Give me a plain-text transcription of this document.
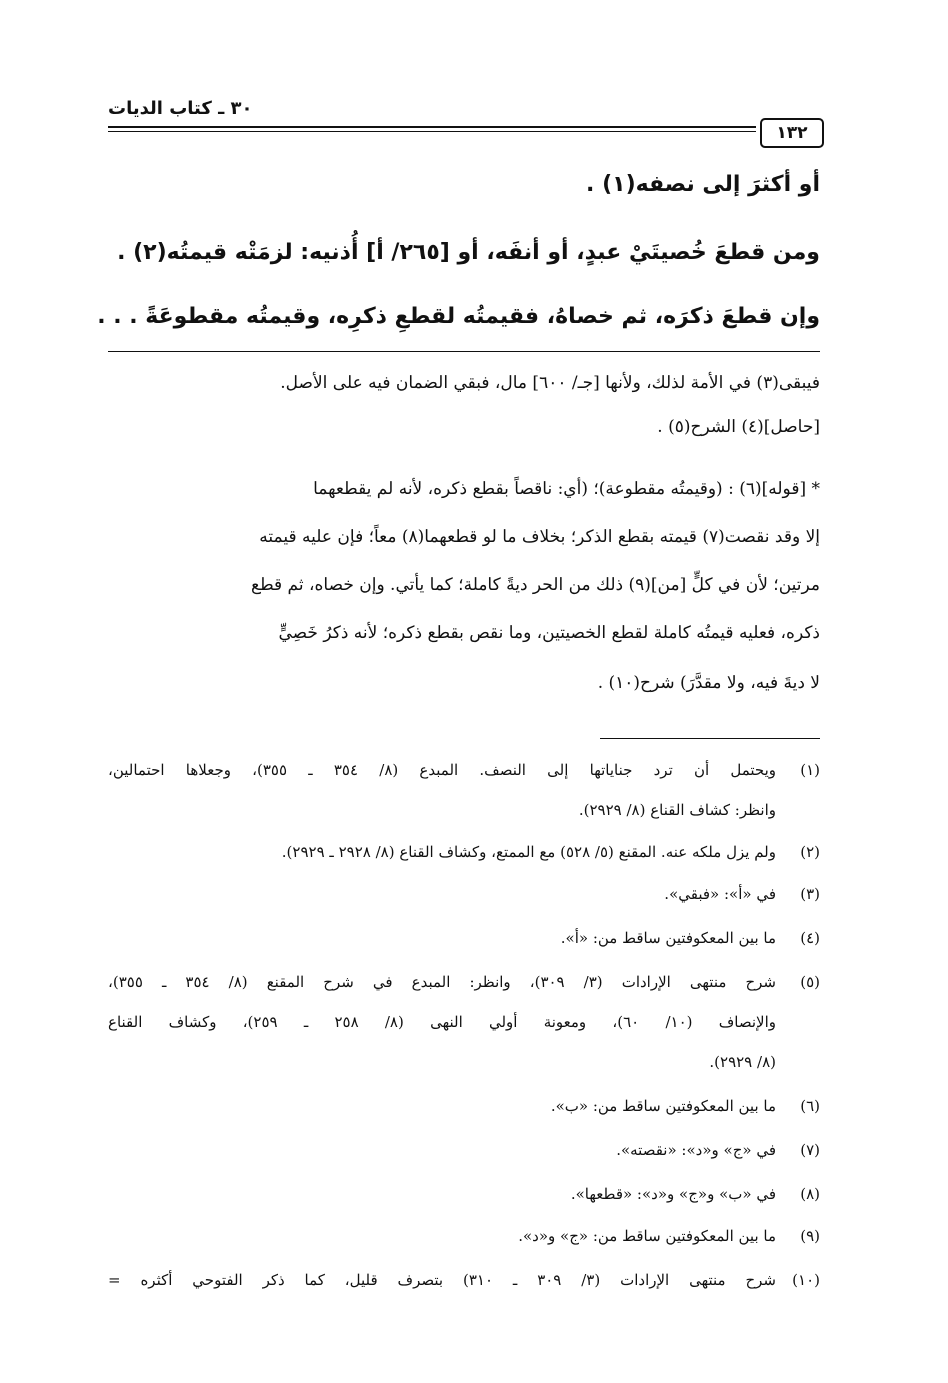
٣٠ ـ كتاب الديات
١٣٢
أو أكثرَ إلى نصفه(١) .
ومن قطعَ خُصيتَيْ عبدٍ، أو أنفَه، أو [٢٦٥/ أ] أُذنيه: لزمَتْه قيمتُه(٢) .
وإن قطعَ ذكرَه، ثم خصاهُ، فقيمتُه لقطعِ ذكرِه، وقيمتُه مقطوعَةً . . .
فيبقى(٣) في الأمة لذلك، ولأنها [جـ/ ٦٠٠] مال، فبقي الضمان فيه على الأصل.
[حاصل](٤) الشرح(٥) .
* [قوله](٦) : (وقيمتُه مقطوعة)؛ (أي: ناقصاً بقطع ذكره، لأنه لم يقطعهما
إلا وقد نقصت(٧) قيمته بقطع الذكر؛ بخلاف ما لو قطعهما(٨) معاً؛ فإن عليه قيمته
مرتين؛ لأن في كلٍّ [من](٩) ذلك من الحر ديةً كاملة؛ كما يأتي. وإن خصاه، ثم قطع
ذكره، فعليه قيمتُه كاملة لقطع الخصيتين، وما نقص بقطع ذكره؛ لأنه ذكرُ خَصِيٍّ
لا ديةَ فيه، ولا مقدَّرَ) شرح(١٠) .
(١)
ويحتمل أن ترد جناياتها إلى النصف. المبدع (٨/ ٣٥٤ ـ ٣٥٥)، وجعلاها احتمالين،
وانظر: كشاف القناع (٨/ ٢٩٢٩).
(٢)
ولم يزل ملكه عنه. المقنع (٥/ ٥٢٨) مع الممتع، وكشاف القناع (٨/ ٢٩٢٨ ـ ٢٩٢٩).
(٣)
في «أ»: «فبقي».
(٤)
ما بين المعكوفتين ساقط من: «أ».
(٥)
شرح منتهى الإرادات (٣/ ٣٠٩)، وانظر: المبدع في شرح المقنع (٨/ ٣٥٤ ـ ٣٥٥)،
والإنصاف (١٠/ ٦٠)، ومعونة أولي النهى (٨/ ٢٥٨ ـ ٢٥٩)، وكشاف القناع
(٨/ ٢٩٢٩).
(٦)
ما بين المعكوفتين ساقط من: «ب».
(٧)
في «ج» و«د»: «نقصته».
(٨)
في «ب» و«ج» و«د»: «قطعها».
(٩)
ما بين المعكوفتين ساقط من: «ج» و«د».
(١٠)
شرح منتهى الإرادات (٣/ ٣٠٩ ـ ٣١٠) بتصرف قليل، كما ذكر الفتوحي أكثره =
